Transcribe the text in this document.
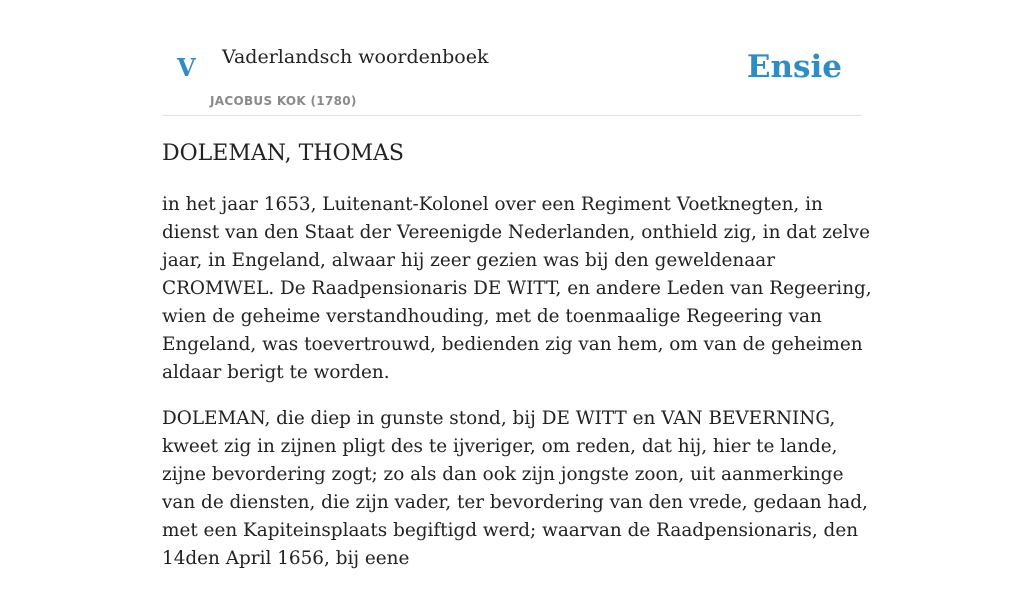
V Vaderlandsch woordenboek
JACOBUS KOK (1780)
Ensie
DOLEMAN, THOMAS

in het jaar 1653, Luitenant-Kolonel over een Regiment Voetknegten, in dienst van den Staat der Vereenigde Nederlanden, onthield zig, in dat zelve jaar, in Engeland, alwaar hij zeer gezien was bij den geweldenaar CROMWEL. De Raadpensionaris DE WITT, en andere Leden van Regeering, wien de geheime verstandhouding, met de toenmaalige Regeering van Engeland, was toevertrouwd, bedienden zig van hem, om van de geheimen aldaar berigt te worden.

DOLEMAN, die diep in gunste stond, bij DE WITT en VAN BEVERNING, kweet zig in zijnen pligt des te ijveriger, om reden, dat hij, hier te lande, zijne bevordering zogt; zo als dan ook zijn jongste zoon, uit aanmerkinge van de diensten, die zijn vader, ter bevordering van den vrede, gedaan had, met een Kapiteinsplaats begiftigd werd; waarvan de Raadpensionaris, den 14den April 1656, bij eene
